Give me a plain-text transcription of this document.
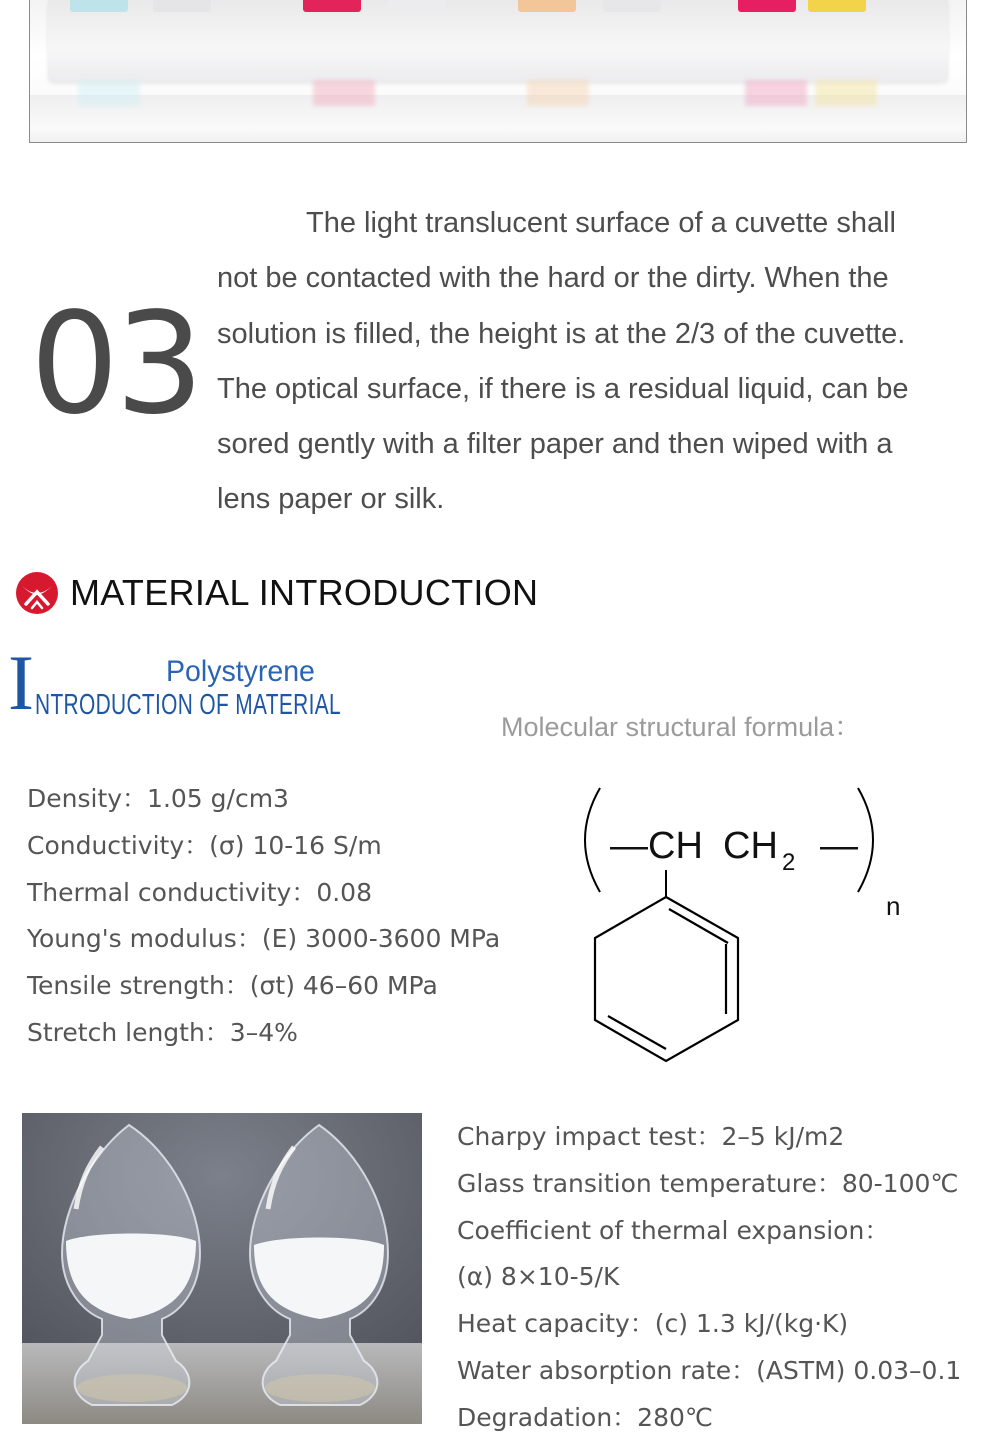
03
The light translucent surface of a cuvette shall
not be contacted with the hard or the dirty. When the
solution is filled, the height is at the 2/3 of the cuvette.
The optical surface, if there is a residual liquid, can be
sored gently with a filter paper and then wiped with a
lens paper or silk.
MATERIAL INTRODUCTION
I	Polystyrene
NTRODUCTION OF MATERIAL
Molecular structural formula：
Density：1.05 g/cm3
Conductivity：(σ) 10-16 S/m
Thermal conductivity：0.08
Young's modulus：(E) 3000-3600 MPa
Tensile strength：(σt) 46–60 MPa
Stretch length：3–4%
—CH CH 2 —
n
Charpy impact test：2–5 kJ/m2
Glass transition temperature：80-100℃
Coefficient of thermal expansion：
(α) 8×10-5/K
Heat capacity：(c) 1.3 kJ/(kg·K)
Water absorption rate：(ASTM) 0.03–0.1
Degradation：280℃
